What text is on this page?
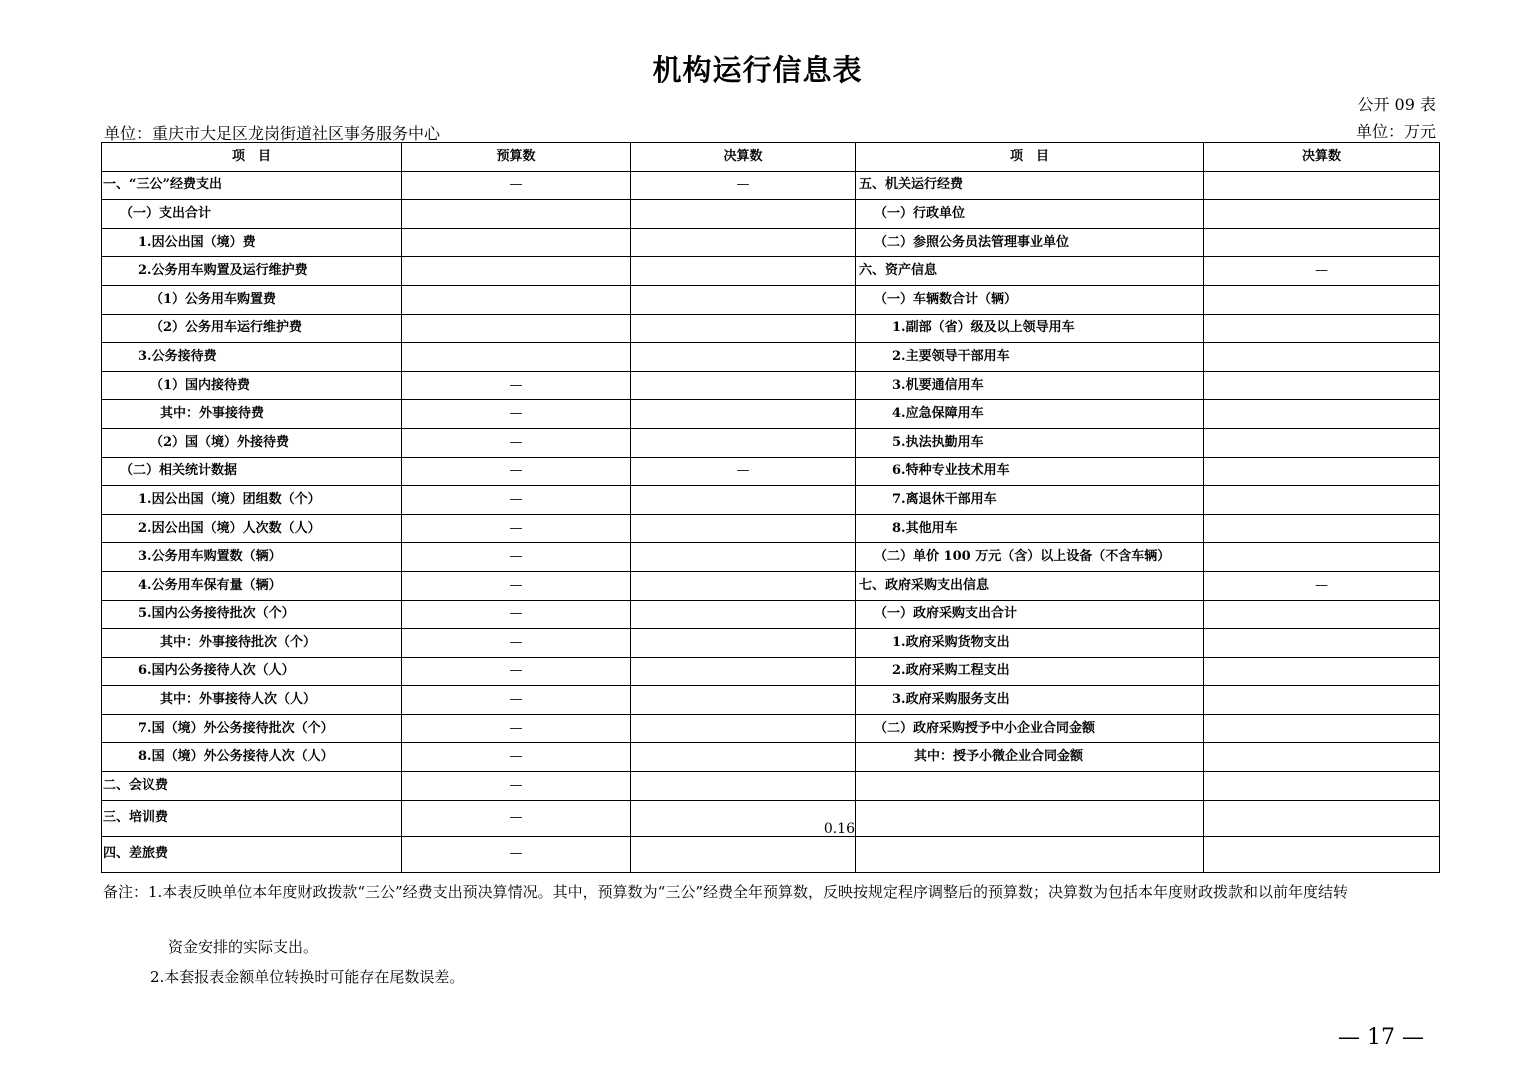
机构运行信息表
公开 09 表
单位：重庆市大足区龙岗街道社区事务服务中心	单位：万元
项　目	预算数	决算数	项　目	决算数
一、“三公”经费支出	—	—	五、机关运行经费	
（一）支出合计			（一）行政单位	
1.因公出国（境）费			（二）参照公务员法管理事业单位	
2.公务用车购置及运行维护费			六、资产信息	—
（1）公务用车购置费			（一）车辆数合计（辆）	
（2）公务用车运行维护费			1.副部（省）级及以上领导用车	
3.公务接待费			2.主要领导干部用车	
（1）国内接待费	—		3.机要通信用车	
其中：外事接待费	—		4.应急保障用车	
（2）国（境）外接待费	—		5.执法执勤用车	
（二）相关统计数据	—	—	6.特种专业技术用车	
1.因公出国（境）团组数（个）	—		7.离退休干部用车	
2.因公出国（境）人次数（人）	—		8.其他用车	
3.公务用车购置数（辆）	—		（二）单价 100 万元（含）以上设备（不含车辆）	
4.公务用车保有量（辆）	—		七、政府采购支出信息	—
5.国内公务接待批次（个）	—		（一）政府采购支出合计	
其中：外事接待批次（个）	—		1.政府采购货物支出	
6.国内公务接待人次（人）	—		2.政府采购工程支出	
其中：外事接待人次（人）	—		3.政府采购服务支出	
7.国（境）外公务接待批次（个）	—		（二）政府采购授予中小企业合同金额	
8.国（境）外公务接待人次（人）	—		其中：授予小微企业合同金额	
二、会议费	—			
三、培训费	—	0.16		
四、差旅费	—			
备注：1.本表反映单位本年度财政拨款“三公”经费支出预决算情况。其中，预算数为“三公”经费全年预算数，反映按规定程序调整后的预算数；决算数为包括本年度财政拨款和以前年度结转
资金安排的实际支出。
2.本套报表金额单位转换时可能存在尾数误差。
— 17 —
